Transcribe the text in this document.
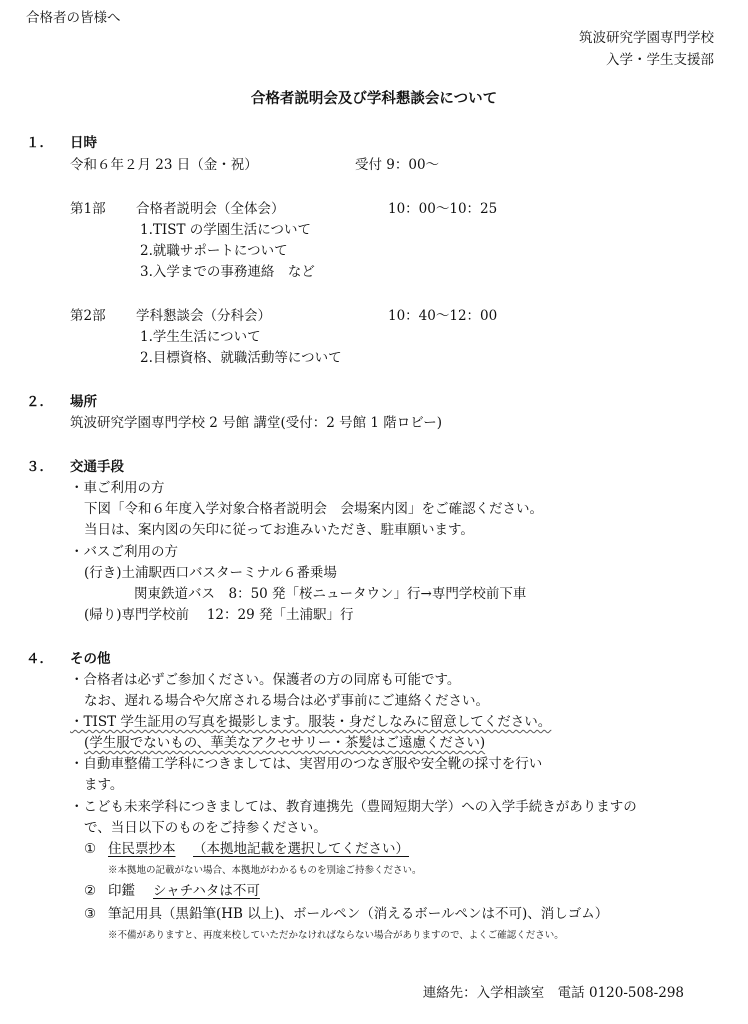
合格者の皆様へ
筑波研究学園専門学校
入学・学生支援部
合格者説明会及び学科懇談会について
１． 日時
令和６年２月 23 日（金・祝）	受付 9：00～
第1部 合格者説明会（全体会）	10：00～10：25
1.TIST の学園生活について
2.就職サポートについて
3.入学までの事務連絡　など
第2部 学科懇談会（分科会）	10：40～12：00
1.学生生活について
2.目標資格、就職活動等について
２． 場所
筑波研究学園専門学校 2 号館 講堂(受付：2 号館 1 階ロビー)
３． 交通手段
・車ご利用の方
下図「令和６年度入学対象合格者説明会　会場案内図」をご確認ください。
当日は、案内図の矢印に従ってお進みいただき、駐車願います。
・バスご利用の方
(行き)土浦駅西口バスターミナル６番乗場
関東鉄道バス　8：50 発「桜ニュータウン」行→専門学校前下車
(帰り)専門学校前　 12：29 発「土浦駅」行
４． その他
・合格者は必ずご参加ください。保護者の方の同席も可能です。
なお、遅れる場合や欠席される場合は必ず事前にご連絡ください。
・TIST 学生証用の写真を撮影します。服装・身だしなみに留意してください。
(学生服でないもの、華美なアクセサリー・茶髪はご遠慮ください)
・自動車整備工学科につきましては、実習用のつなぎ服や安全靴の採寸を行い
ます。
・こども未来学科につきましては、教育連携先（豊岡短期大学）への入学手続きがありますの
で、当日以下のものをご持参ください。
① 住民票抄本 （本拠地記載を選択してください）
※本拠地の記載がない場合、本拠地がわかるものを別途ご持参ください。
② 印鑑 シャチハタは不可
③ 筆記用具（黒鉛筆(HB 以上)、ボールペン（消えるボールペンは不可)、消しゴム）
※不備がありますと、再度来校していただかなければならない場合がありますので、よくご確認ください。
連絡先：入学相談室　電話 0120-508-298
